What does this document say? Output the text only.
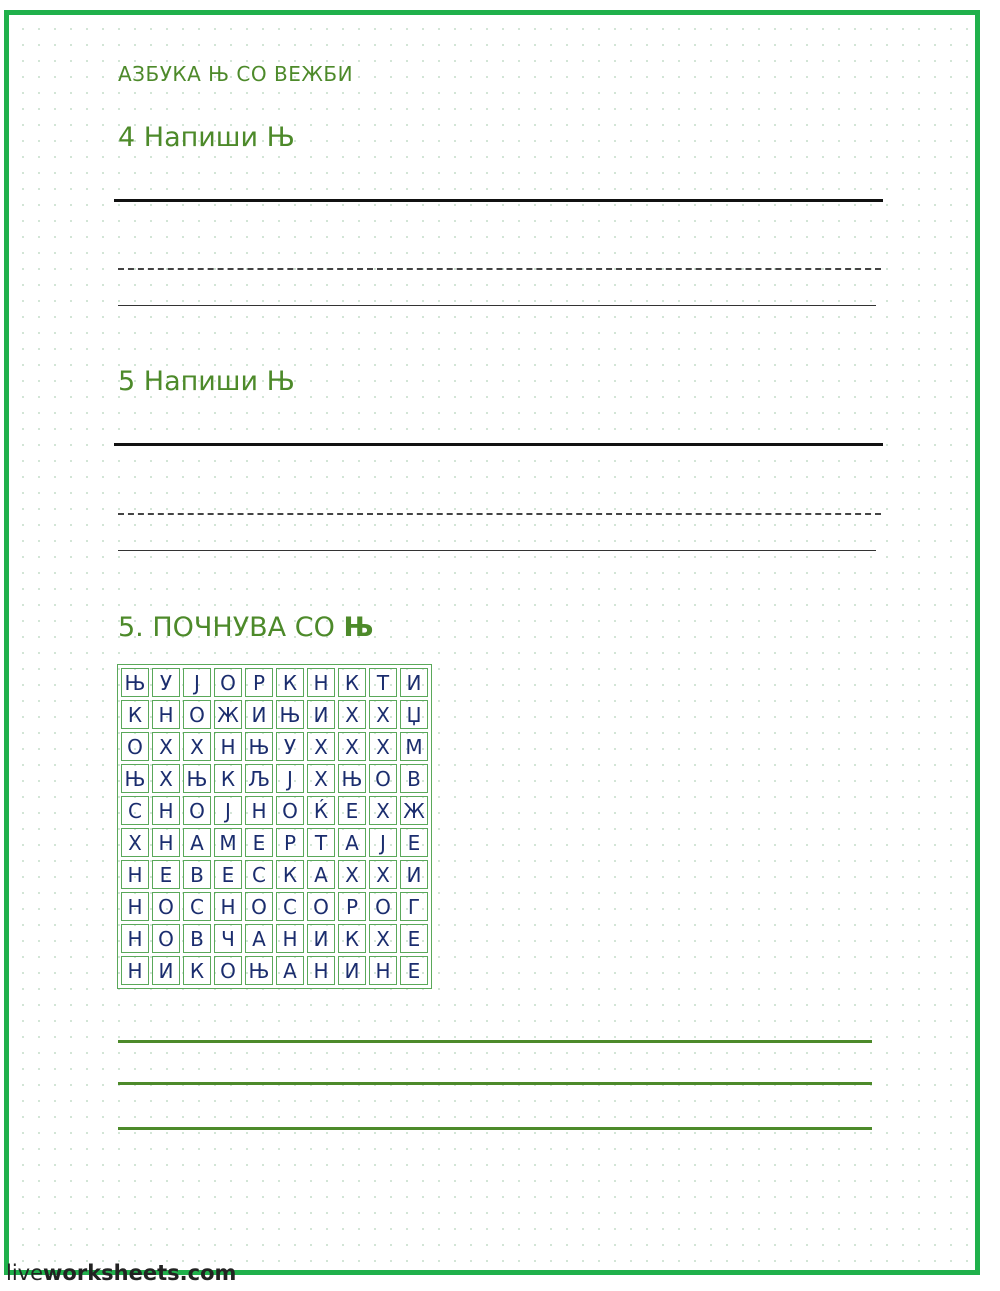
АЗБУКА Њ СО ВЕЖБИ
4 Напиши Њ
5 Напиши Њ
5. ПОЧНУВА СО Њ
Њ	У	Ј	О	Р	К	Н	К	Т	И
К	Н	О	Ж	И	Њ	И	Х	Х	Џ
О	Х	Х	Н	Њ	У	Х	Х	Х	М
Њ	Х	Њ	К	Љ	Ј	Х	Њ	О	В
С	Н	О	Ј	Н	О	Ќ	Е	Х	Ж
Х	Н	А	М	Е	Р	Т	А	Ј	Е
Н	Е	В	Е	С	К	А	Х	Х	И
Н	О	С	Н	О	С	О	Р	О	Г
Н	О	В	Ч	А	Н	И	К	Х	Е
Н	И	К	О	Њ	А	Н	И	Н	Е
liveworksheets.com
